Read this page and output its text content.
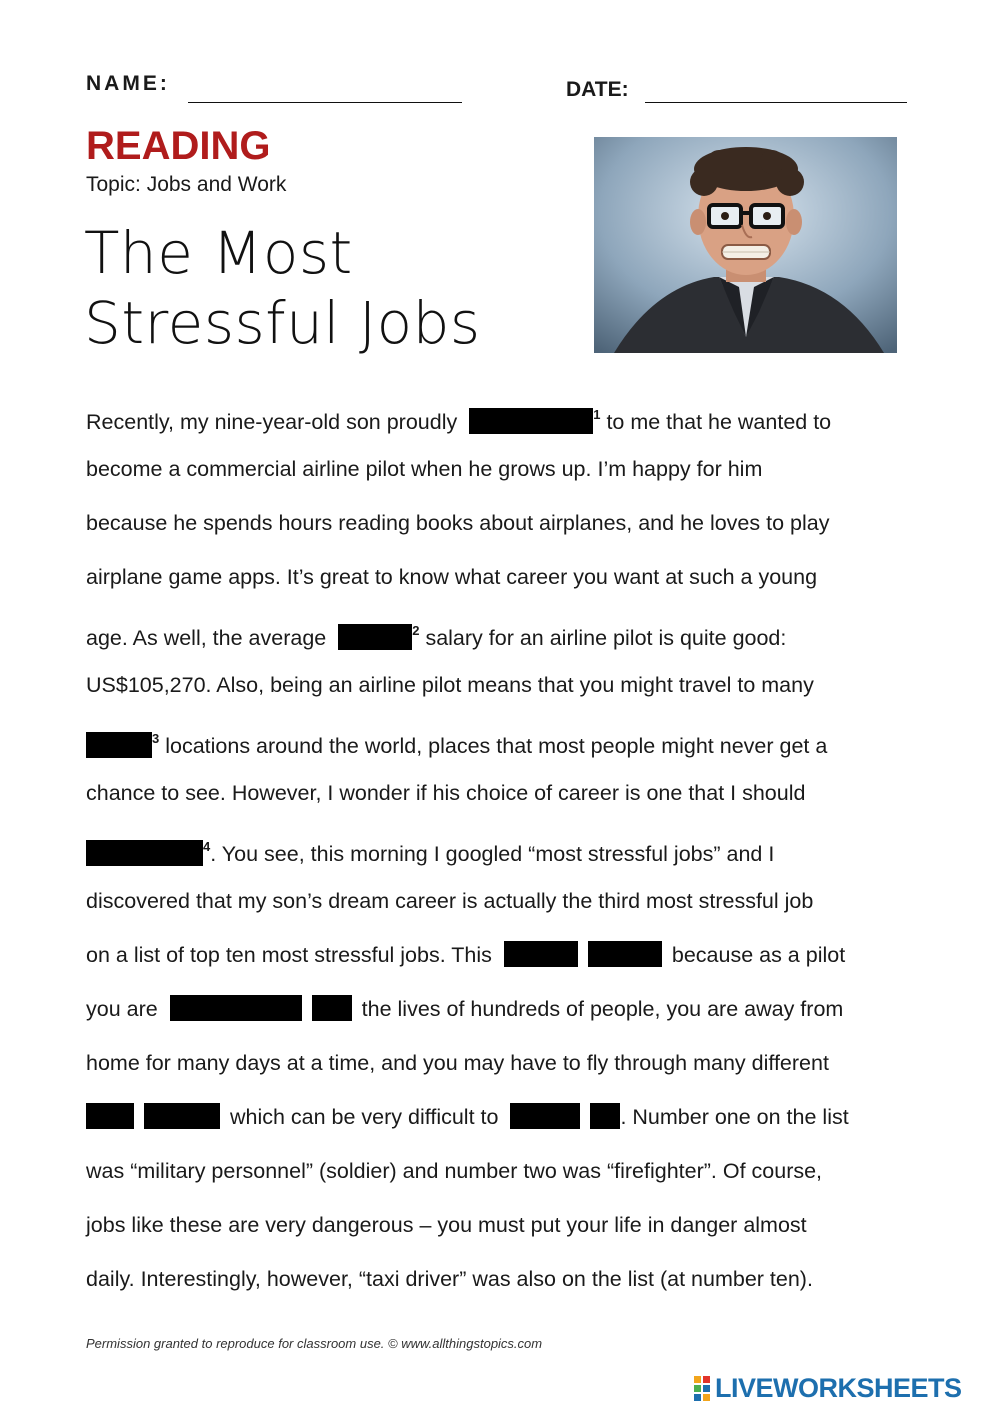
NAME:	DATE:
READING
Topic: Jobs and Work
The Most
Stressful Jobs
Recently, my nine-year-old son proudly	$^1$ to me that he wanted to
become a commercial airline pilot when he grows up. I’m happy for him
because he spends hours reading books about airplanes, and he loves to play
airplane game apps. It’s great to know what career you want at such a young
age. As well, the average	$^2$ salary for an airline pilot is quite good:
US$105,270. Also, being an airline pilot means that you might travel to many
$^3$ locations around the world, places that most people might never get a
chance to see. However, I wonder if his choice of career is one that I should
$^4$. You see, this morning I googled “most stressful jobs” and I
discovered that my son’s dream career is actually the third most stressful job
on a list of top ten most stressful jobs. This	because as a pilot
you are	the lives of hundreds of people, you are away from
home for many days at a time, and you may have to fly through many different
which can be very difficult to	. Number one on the list
was “military personnel” (soldier) and number two was “firefighter”. Of course,
jobs like these are very dangerous – you must put your life in danger almost
daily. Interestingly, however, “taxi driver” was also on the list (at number ten).
Permission granted to reproduce for classroom use. © www.allthingstopics.com
LIVEWORKSHEETS
